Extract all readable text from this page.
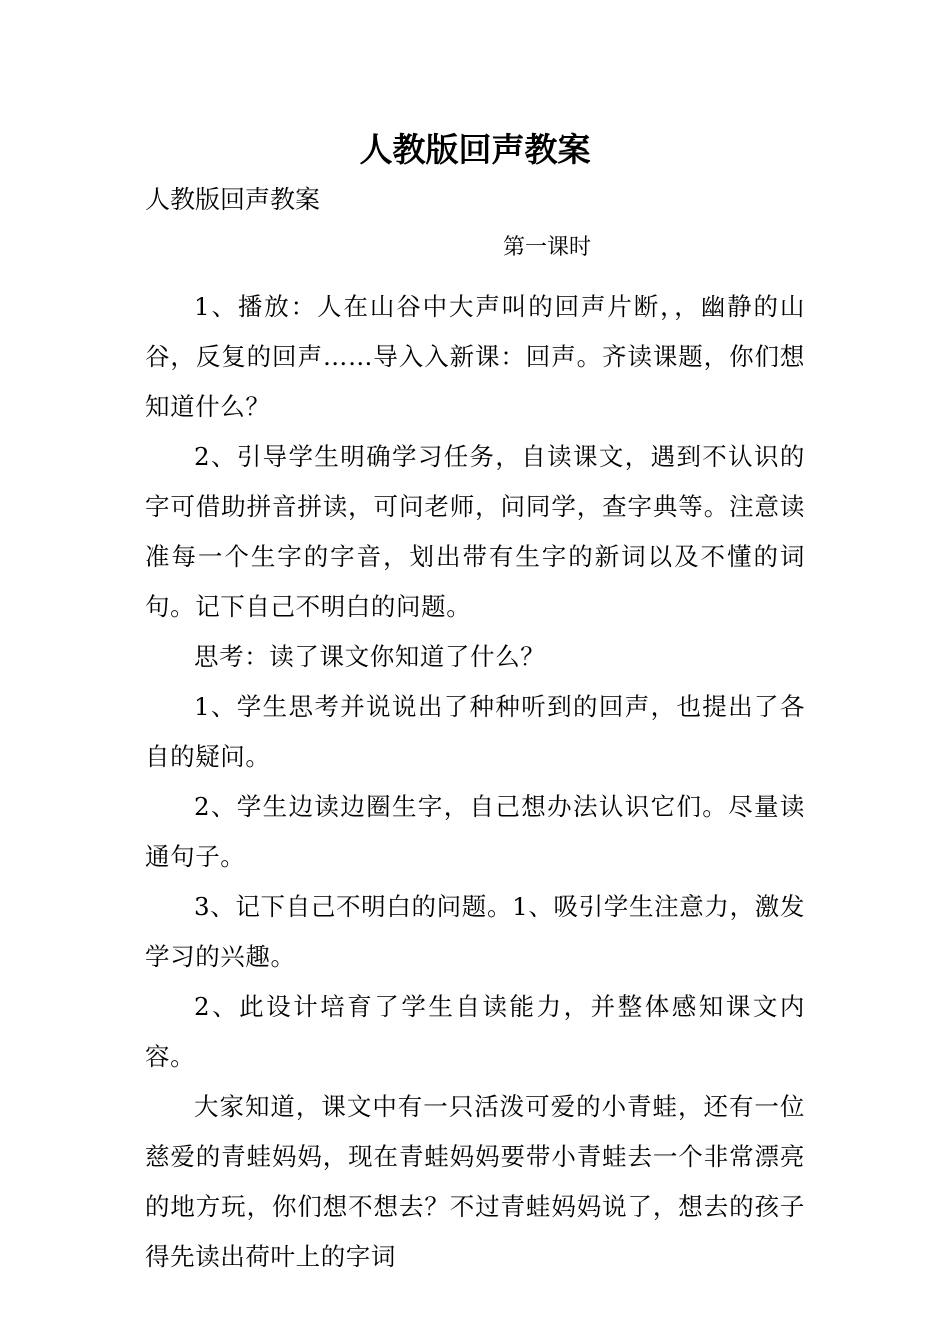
人教版回声教案

人教版回声教案

第一课时

1、播放：人在山谷中大声叫的回声片断，，幽静的山谷，反复的回声……导入入新课：回声。齐读课题，你们想知道什么？

2、引导学生明确学习任务，自读课文，遇到不认识的字可借助拼音拼读，可问老师，问同学，查字典等。注意读准每一个生字的字音，划出带有生字的新词以及不懂的词句。记下自己不明白的问题。

思考：读了课文你知道了什么？

1、学生思考并说说出了种种听到的回声，也提出了各自的疑问。

2、学生边读边圈生字，自己想办法认识它们。尽量读通句子。

3、记下自己不明白的问题。1、吸引学生注意力，激发学习的兴趣。

2、此设计培育了学生自读能力，并整体感知课文内容。

大家知道，课文中有一只活泼可爱的小青蛙，还有一位慈爱的青蛙妈妈，现在青蛙妈妈要带小青蛙去一个非常漂亮的地方玩，你们想不想去？不过青蛙妈妈说了，想去的孩子得先读出荷叶上的字词
